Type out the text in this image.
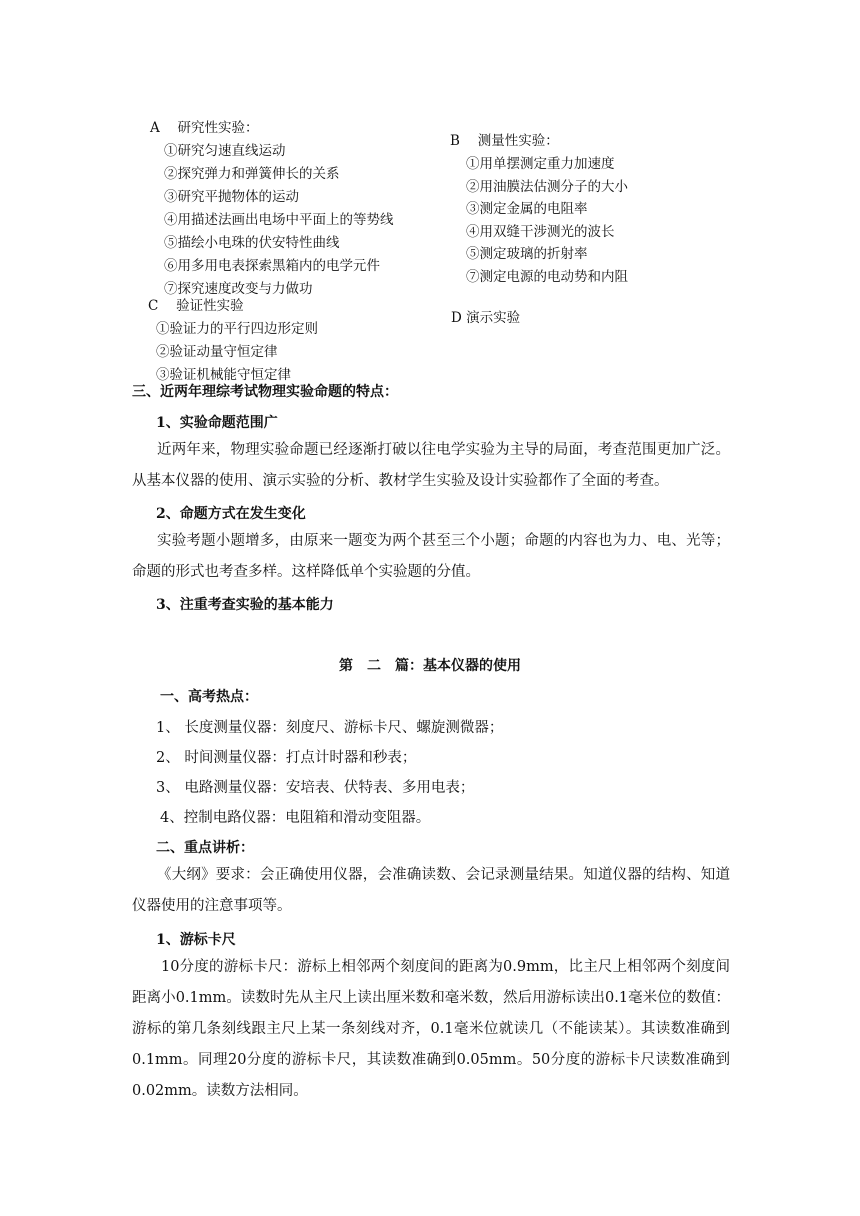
A　 研究性实验：
①研究匀速直线运动
②探究弹力和弹簧伸长的关系
③研究平抛物体的运动
④用描述法画出电场中平面上的等势线
⑤描绘小电珠的伏安特性曲线
⑥用多用电表探索黑箱内的电学元件
⑦探究速度改变与力做功
B　 测量性实验：
①用单摆测定重力加速度
②用油膜法估测分子的大小
③测定金属的电阻率
④用双缝干涉测光的波长
⑤测定玻璃的折射率
⑦测定电源的电动势和内阻
C　 验证性实验
①验证力的平行四边形定则
②验证动量守恒定律
③验证机械能守恒定律
D 演示实验
三、近两年理综考试物理实验命题的特点：
1、实验命题范围广
近两年来，物理实验命题已经逐渐打破以往电学实验为主导的局面，考查范围更加广泛。从基本仪器的使用、演示实验的分析、教材学生实验及设计实验都作了全面的考查。
2、命题方式在发生变化
实验考题小题增多，由原来一题变为两个甚至三个小题；命题的内容也为力、电、光等；命题的形式也考查多样。这样降低单个实验题的分值。
3、注重考查实验的基本能力
第　二　篇：基本仪器的使用
一、高考热点：
1、 长度测量仪器：刻度尺、游标卡尺、螺旋测微器；
2、 时间测量仪器：打点计时器和秒表；
3、 电路测量仪器：安培表、伏特表、多用电表；
4、控制电路仪器：电阻箱和滑动变阻器。
二、重点讲析：
《大纲》要求：会正确使用仪器，会准确读数、会记录测量结果。知道仪器的结构、知道仪器使用的注意事项等。
1、游标卡尺
10分度的游标卡尺：游标上相邻两个刻度间的距离为0.9mm，比主尺上相邻两个刻度间距离小0.1mm。读数时先从主尺上读出厘米数和毫米数，然后用游标读出0.1毫米位的数值：游标的第几条刻线跟主尺上某一条刻线对齐，0.1毫米位就读几（不能读某）。其读数准确到0.1mm。同理20分度的游标卡尺，其读数准确到0.05mm。50分度的游标卡尺读数准确到0.02mm。读数方法相同。
